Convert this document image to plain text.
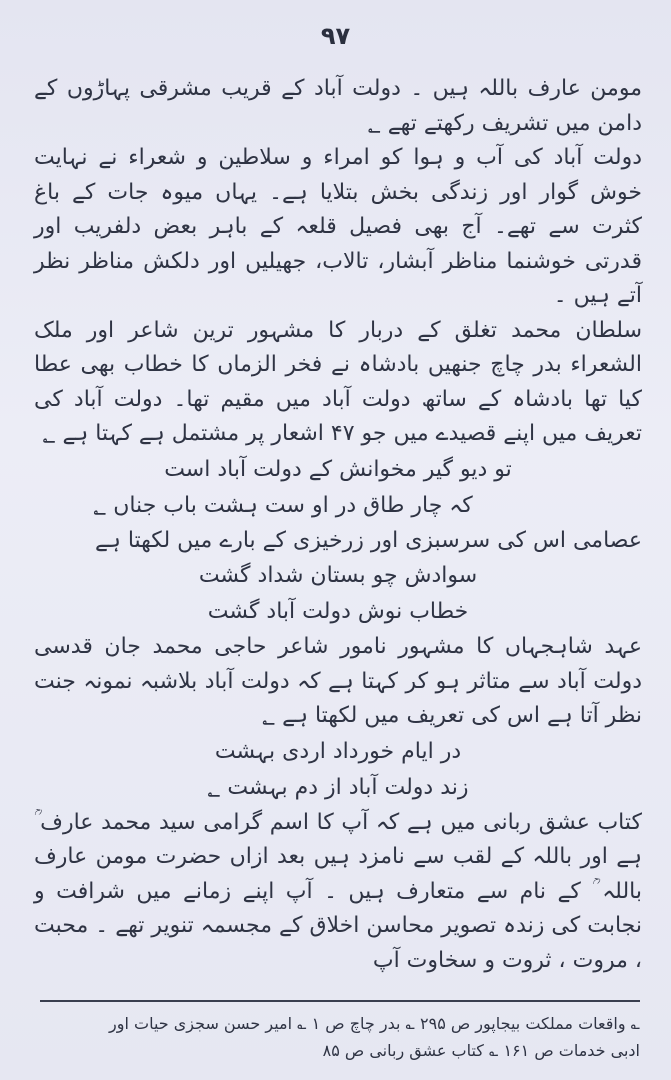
۹۷

مومن عارف باللہ ہیں ۔ دولت آباد کے قریب مشرقی پہاڑوں کے دامن میں تشریف رکھتے تھے ؂

دولت آباد کی آب و ہوا کو امراء و سلاطین و شعراء نے نہایت خوش گوار اور زندگی بخش بتلایا ہے۔ یہاں میوہ جات کے باغ کثرت سے تھے۔ آج بھی فصیل قلعہ کے باہر بعض دلفریب اور قدرتی خوشنما مناظر آبشار، تالاب، جھیلیں اور دلکش مناظر نظر آتے ہیں ۔

سلطان محمد تغلق کے دربار کا مشہور ترین شاعر اور ملک الشعراء بدر چاچ جنھیں بادشاہ نے فخر الزماں کا خطاب بھی عطا کیا تھا بادشاہ کے ساتھ دولت آباد میں مقیم تھا۔ دولت آباد کی تعریف میں اپنے قصیدے میں جو ۴۷ اشعار پر مشتمل ہے کہتا ہے ؂

تو دیو گیر مخوانش کے دولت آباد است
کہ چار طاق در او ست ہشت باب جناں ؂

عصامی اس کی سرسبزی اور زرخیزی کے بارے میں لکھتا ہے

سوادش چو بستان شداد گشت
خطاب نوش دولت آباد گشت

عہد شاہجہاں کا مشہور نامور شاعر حاجی محمد جان قدسی دولت آباد سے متاثر ہو کر کہتا ہے کہ دولت آباد بلاشبہ نمونہ جنت نظر آتا ہے اس کی تعریف میں لکھتا ہے ؂

در ایام خورداد اردی بہشت
زند دولت آباد از دم بہشت ؂

کتاب عشق ربانی میں ہے کہ آپ کا اسم گرامی سید محمد عارف ؒ ہے اور باللہ کے لقب سے نامزد ہیں بعد ازاں حضرت مومن عارف باللہ ؒ کے نام سے متعارف ہیں ۔ آپ اپنے زمانے میں شرافت و نجابت کی زندہ تصویر محاسن اخلاق کے مجسمہ تنویر تھے ۔ محبت ، مروت ، ثروت و سخاوت آپ

؎ واقعات مملکت بیجاپور ص ۲۹۵ ؎ بدر چاچ ص ۱ ؎ امیر حسن سجزی حیات اور

ادبی خدمات ص ۱۶۱ ؎ کتاب عشق ربانی ص ۸۵
